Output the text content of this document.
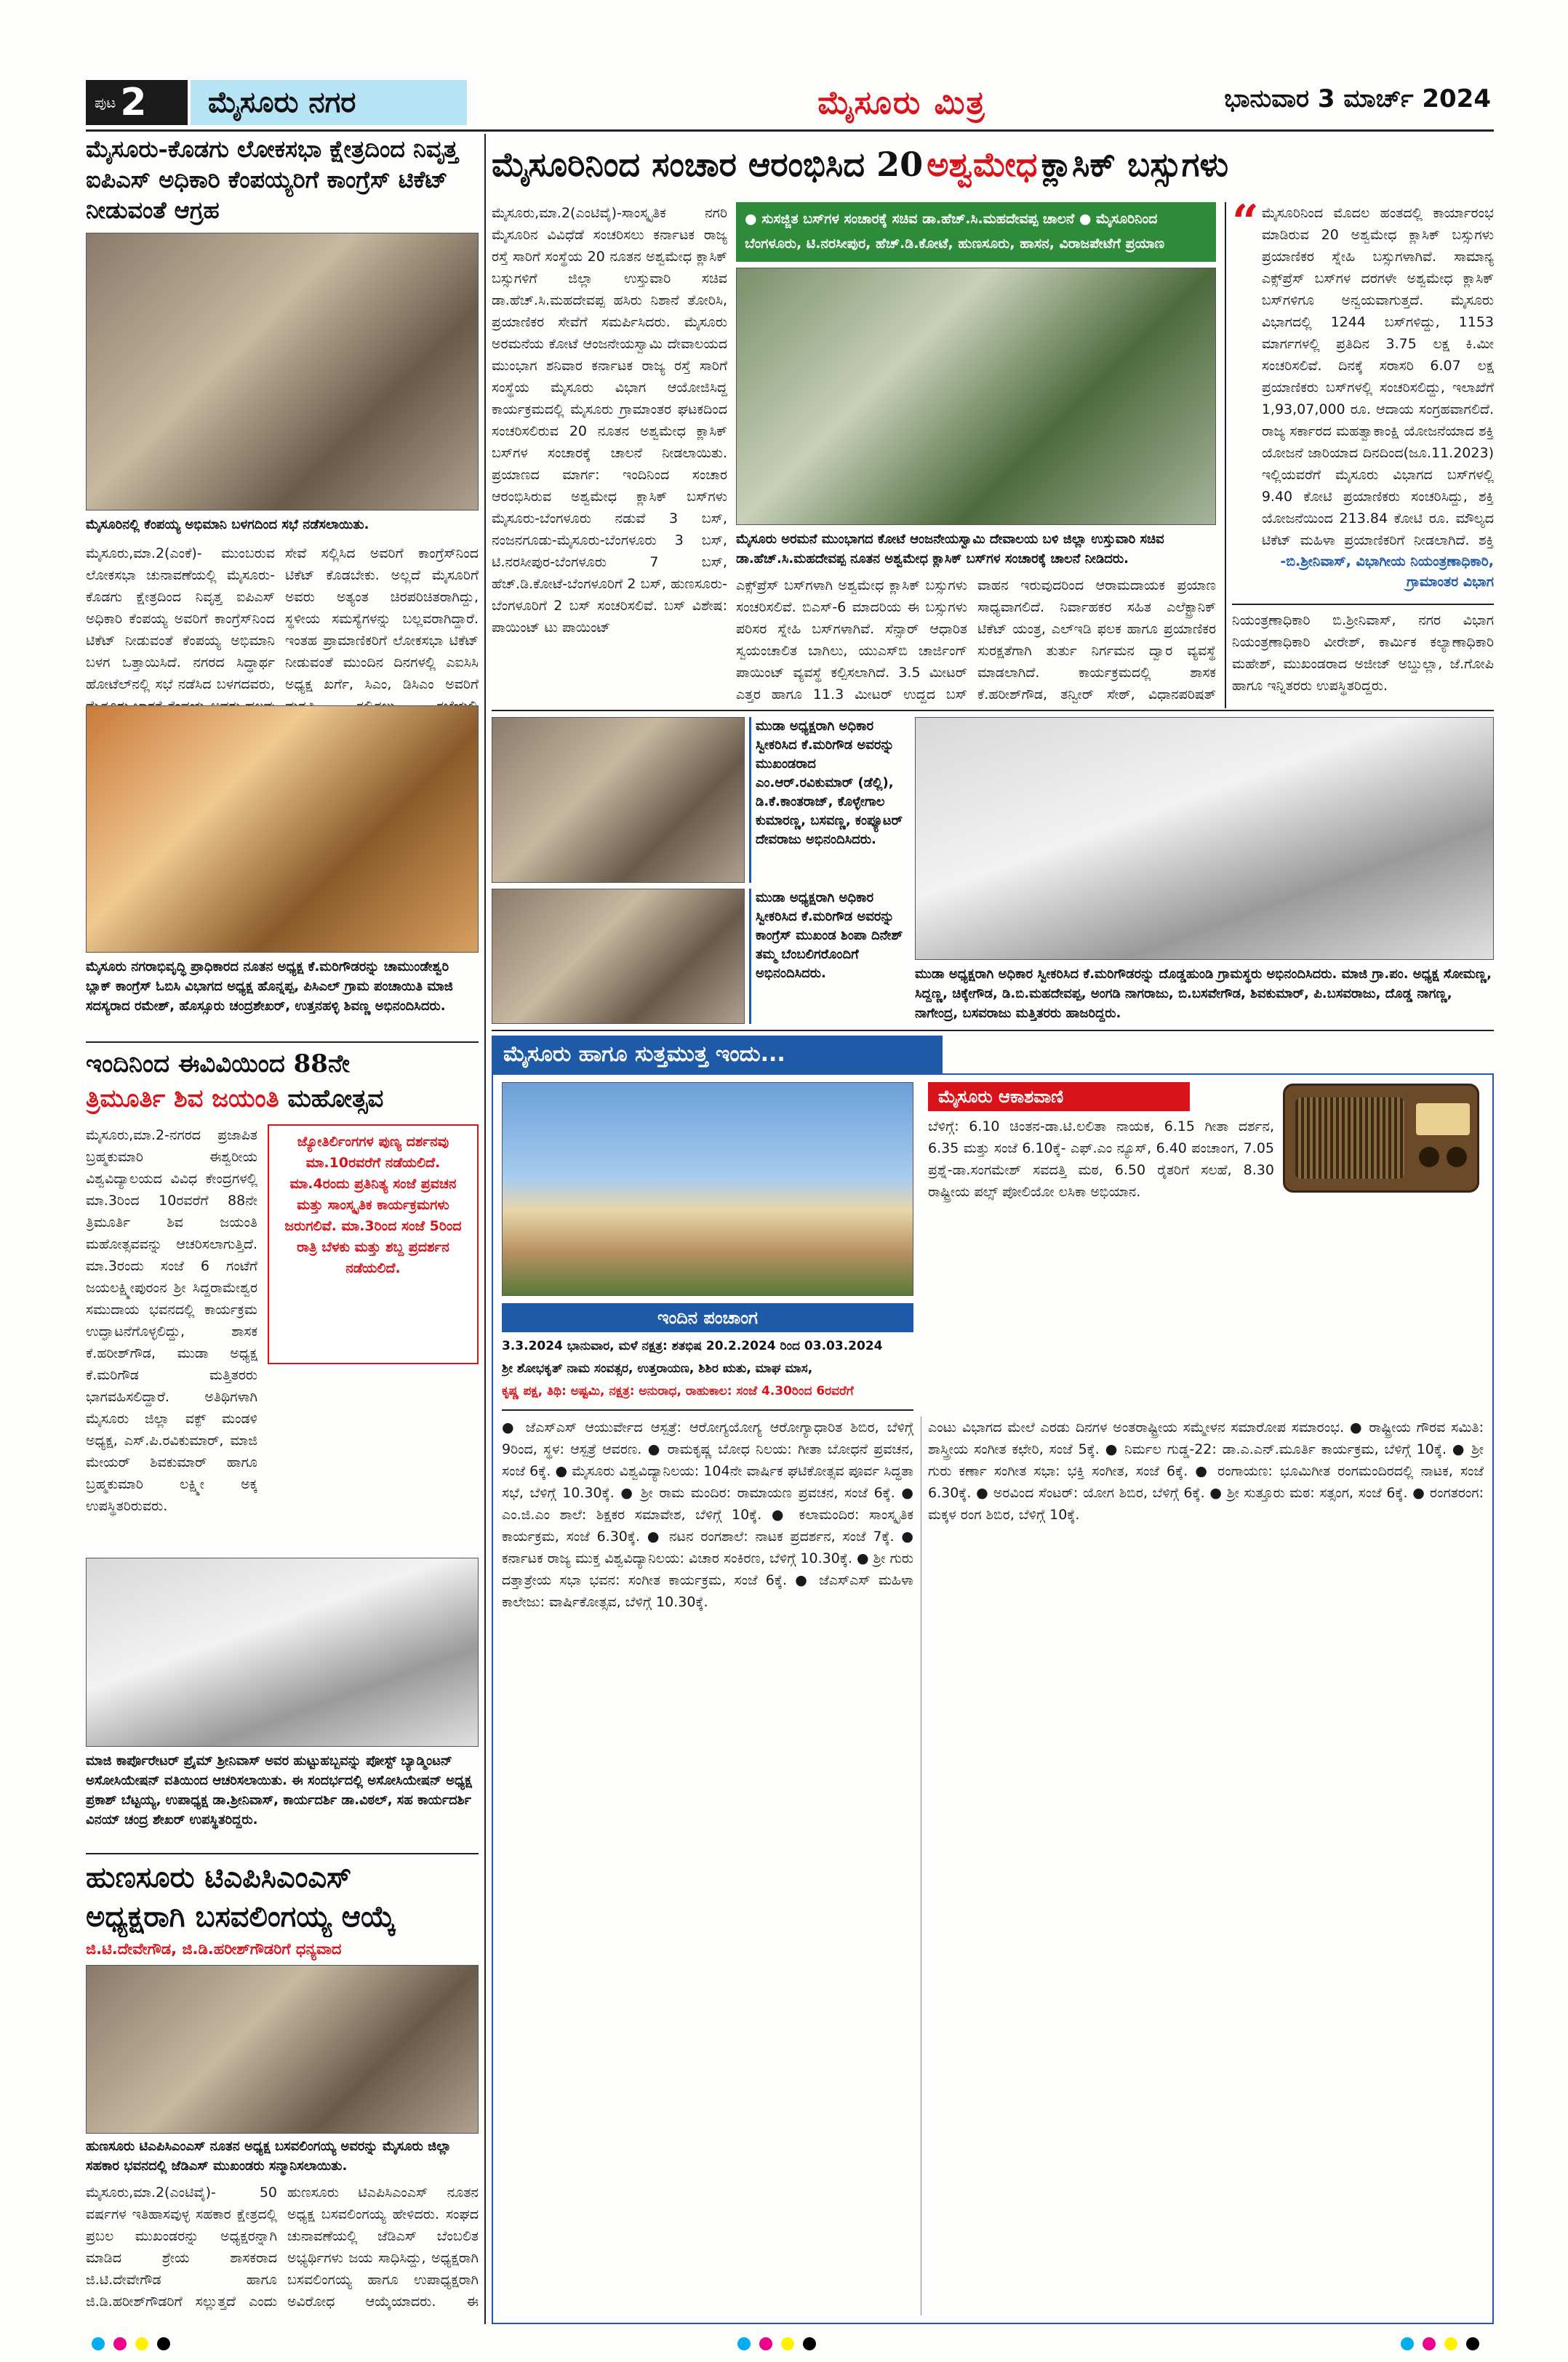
ಪುಟ 2 ಮೈಸೂರು ನಗರ	ಮೈಸೂರು ಮಿತ್ರ	ಭಾನುವಾರ 3 ಮಾರ್ಚ್ 2024
ಮೈಸೂರು-ಕೊಡಗು ಲೋಕಸಭಾ ಕ್ಷೇತ್ರದಿಂದ ನಿವೃತ್ತ ಐಪಿಎಸ್ ಅಧಿಕಾರಿ ಕೆಂಪಯ್ಯರಿಗೆ ಕಾಂಗ್ರೆಸ್ ಟಿಕೆಟ್ ನೀಡುವಂತೆ ಆಗ್ರಹ
ಮೈಸೂರಿನಲ್ಲಿ ಕೆಂಪಯ್ಯ ಅಭಿಮಾನಿ ಬಳಗದಿಂದ ಸಭೆ ನಡೆಸಲಾಯಿತು.
ಮೈಸೂರು,ಮಾ.2(ಎಂಕೆ)- ಮುಂಬರುವ ಲೋಕಸಭಾ ಚುನಾವಣೆಯಲ್ಲಿ ಮೈಸೂರು-ಕೊಡಗು ಕ್ಷೇತ್ರದಿಂದ ನಿವೃತ್ತ ಐಪಿಎಸ್ ಅಧಿಕಾರಿ ಕೆಂಪಯ್ಯ ಅವರಿಗೆ ಕಾಂಗ್ರೆಸ್‌ನಿಂದ ಟಿಕೆಟ್ ನೀಡುವಂತೆ ಕೆಂಪಯ್ಯ ಅಭಿಮಾನಿ ಬಳಗ ಒತ್ತಾಯಿಸಿದೆ. ನಗರದ ಸಿದ್ಧಾರ್ಥ ಹೋಟೆಲ್‌ನಲ್ಲಿ ಸಭೆ ನಡೆಸಿದ ಬಳಗದವರು,
ಸೇವೆ ಸಲ್ಲಿಸಿದ ಅವರಿಗೆ ಕಾಂಗ್ರೆಸ್‌ನಿಂದ ಟಿಕೆಟ್ ಕೊಡಬೇಕು. ಅಲ್ಲದೆ ಮೈಸೂರಿಗೆ ಅವರು ಅತ್ಯಂತ ಚಿರಪರಿಚಿತರಾಗಿದ್ದು, ಸ್ಥಳೀಯ ಸಮಸ್ಯೆಗಳನ್ನು ಬಲ್ಲವರಾಗಿದ್ದಾರೆ. ಇಂತಹ ಪ್ರಾಮಾಣಿಕರಿಗೆ ಲೋಕಸಭಾ ಟಿಕೆಟ್ ನೀಡುವಂತೆ ಮುಂದಿನ ದಿನಗಳಲ್ಲಿ ಎಐಸಿಸಿ ಅಧ್ಯಕ್ಷ ಖರ್ಗೆ, ಸಿಎಂ, ಡಿಸಿಎಂ ಅವರಿಗೆ
ಮೈಸೂರು ನಗರಾಭಿವೃದ್ಧಿ ಪ್ರಾಧಿಕಾರದ ನೂತನ ಅಧ್ಯಕ್ಷ ಕೆ.ಮರಿಗೌಡರನ್ನು ಚಾಮುಂಡೇಶ್ವರಿ ಬ್ಲಾಕ್ ಕಾಂಗ್ರೆಸ್ ಓಬಿಸಿ ವಿಭಾಗದ ಅಧ್ಯಕ್ಷ ಹೊನ್ನಪ್ಪ, ಪಿಸಿಎಲ್ ಗ್ರಾಮ ಪಂಚಾಯಿತಿ ಮಾಜಿ ಸದಸ್ಯರಾದ ರಮೇಶ್, ಹೊಸ್ಸೂರು ಚಂದ್ರಶೇಖರ್, ಉತ್ತನಹಳ್ಳಿ ಶಿವಣ್ಣ ಅಭಿನಂದಿಸಿದರು.
ಇಂದಿನಿಂದ ಈವಿವಿಯಿಂದ 88ನೇ
ತ್ರಿಮೂರ್ತಿ ಶಿವ ಜಯಂತಿ ಮಹೋತ್ಸವ
ಜ್ಯೋತಿರ್ಲಿಂಗಗಳ ಪುಣ್ಯ ದರ್ಶನವು ಮಾ.10ರವರೆಗೆ ನಡೆಯಲಿದೆ. ಮಾ.4ರಂದು ಪ್ರತಿನಿತ್ಯ ಸಂಜೆ ಪ್ರವಚನ ಮತ್ತು ಸಾಂಸ್ಕೃತಿಕ ಕಾರ್ಯಕ್ರಮಗಳು ಜರುಗಲಿವೆ. ಮಾ.3ರಿಂದ ಸಂಜೆ 5ರಿಂದ ರಾತ್ರಿ ಬೆಳಕು ಮತ್ತು ಶಬ್ದ ಪ್ರದರ್ಶನ ನಡೆಯಲಿದೆ.
ಮೈಸೂರು,ಮಾ.2-ನಗರದ ಪ್ರಜಾಪಿತ ಬ್ರಹ್ಮಕುಮಾರಿ ಈಶ್ವರೀಯ ವಿಶ್ವವಿದ್ಯಾಲಯದ ವಿವಿಧ ಕೇಂದ್ರಗಳಲ್ಲಿ ಮಾ.3ರಿಂದ 10ರವರೆಗೆ 88ನೇ ತ್ರಿಮೂರ್ತಿ ಶಿವ ಜಯಂತಿ ಮಹೋತ್ಸವವನ್ನು ಆಚರಿಸಲಾಗುತ್ತಿದೆ. ಮಾ.3ರಂದು ಸಂಜೆ 6 ಗಂಟೆಗೆ ಜಯಲಕ್ಷ್ಮೀಪುರಂನ ಶ್ರೀ ಸಿದ್ದರಾಮೇಶ್ವರ ಸಮುದಾಯ ಭವನದಲ್ಲಿ ಕಾರ್ಯಕ್ರಮ ಉದ್ಘಾಟನೆಗೊಳ್ಳಲಿದ್ದು, ಶಾಸಕ ಕೆ.ಹರೀಶ್‌ಗೌಡ, ಮುಡಾ ಅಧ್ಯಕ್ಷ ಕೆ.ಮರಿಗೌಡ ಮತ್ತಿತರರು ಭಾಗವಹಿಸಲಿದ್ದಾರೆ. ಅತಿಥಿಗಳಾಗಿ ಮೈಸೂರು ಜಿಲ್ಲಾ ವಕ್ಫ್ ಮಂಡಳಿ ಅಧ್ಯಕ್ಷ, ಎಸ್.ಪಿ.ರವಿಕುಮಾರ್, ಮಾಜಿ ಮೇಯರ್ ಶಿವಕುಮಾರ್ ಹಾಗೂ ಬ್ರಹ್ಮಕುಮಾರಿ ಲಕ್ಷ್ಮೀ ಅಕ್ಕ ಉಪಸ್ಥಿತರಿರುವರು.
ಮಾಜಿ ಕಾರ್ಪೊರೇಟರ್ ಪ್ರೈಮ್ ಶ್ರೀನಿವಾಸ್ ಅವರ ಹುಟ್ಟುಹಬ್ಬವನ್ನು ಪೋಸ್ಟ್ ಬ್ಯಾಡ್ಮಿಂಟನ್ ಅಸೋಸಿಯೇಷನ್ ವತಿಯಿಂದ ಆಚರಿಸಲಾಯಿತು. ಈ ಸಂದರ್ಭದಲ್ಲಿ ಅಸೋಸಿಯೇಷನ್ ಅಧ್ಯಕ್ಷ ಪ್ರಕಾಶ್ ಬೆಟ್ಟಯ್ಯ, ಉಪಾಧ್ಯಕ್ಷ ಡಾ.ಶ್ರೀನಿವಾಸ್, ಕಾರ್ಯದರ್ಶಿ ಡಾ.ವಿಠಲ್, ಸಹ ಕಾರ್ಯದರ್ಶಿ ವಿನಯ್ ಚಂದ್ರ ಶೇಖರ್ ಉಪಸ್ಥಿತರಿದ್ದರು.
ಹುಣಸೂರು ಟಿಎಪಿಸಿಎಂಎಸ್
ಅಧ್ಯಕ್ಷರಾಗಿ ಬಸವಲಿಂಗಯ್ಯ ಆಯ್ಕೆ
ಜಿ.ಟಿ.ದೇವೇಗೌಡ, ಜಿ.ಡಿ.ಹರೀಶ್‌ಗೌಡರಿಗೆ ಧನ್ಯವಾದ
ಹುಣಸೂರು ಟಿಎಪಿಸಿಎಂಎಸ್ ನೂತನ ಅಧ್ಯಕ್ಷ ಬಸವಲಿಂಗಯ್ಯ ಅವರನ್ನು ಮೈಸೂರು ಜಿಲ್ಲಾ ಸಹಕಾರ ಭವನದಲ್ಲಿ ಜೆಡಿಎಸ್ ಮುಖಂಡರು ಸನ್ಮಾನಿಸಲಾಯಿತು.
ಮೈಸೂರು,ಮಾ.2(ಎಂಟಿವೈ)- 50 ವರ್ಷಗಳ ಇತಿಹಾಸವುಳ್ಳ ಸಹಕಾರ ಕ್ಷೇತ್ರದಲ್ಲಿ ಪ್ರಬಲ ಮುಖಂಡರನ್ನು ಅಧ್ಯಕ್ಷರನ್ನಾಗಿ ಮಾಡಿದ ಶ್ರೇಯ ಶಾಸಕರಾದ ಜಿ.ಟಿ.ದೇವೇಗೌಡ ಹಾಗೂ ಜಿ.ಡಿ.ಹರೀಶ್‌ಗೌಡರಿಗೆ ಸಲ್ಲುತ್ತದೆ ಎಂದು ಹುಣಸೂರು ಟಿಎಪಿಸಿಎಂಎಸ್ ನೂತನ ಅಧ್ಯಕ್ಷ ಬಸವಲಿಂಗಯ್ಯ ಹೇಳಿದರು. ಸಂಘದ ಚುನಾವಣೆಯಲ್ಲಿ ಜೆಡಿಎಸ್ ಬೆಂಬಲಿತ ಅಭ್ಯರ್ಥಿಗಳು ಜಯ ಸಾಧಿಸಿದ್ದು, ಅಧ್ಯಕ್ಷರಾಗಿ ಬಸವಲಿಂಗಯ್ಯ ಹಾಗೂ ಉಪಾಧ್ಯಕ್ಷರಾಗಿ ಅವಿರೋಧ ಆಯ್ಕೆಯಾದರು. ಈ
ಮೈಸೂರಿನಿಂದ ಸಂಚಾರ ಆರಂಭಿಸಿದ 20 ಅಶ್ವಮೇಧ ಕ್ಲಾಸಿಕ್ ಬಸ್ಸುಗಳು
ಮೈಸೂರು,ಮಾ.2(ಎಂಟಿವೈ)-ಸಾಂಸ್ಕೃತಿಕ ನಗರಿ ಮೈಸೂರಿನ ವಿವಿಧೆಡೆ ಸಂಚರಿಸಲು ಕರ್ನಾಟಕ ರಾಜ್ಯ ರಸ್ತೆ ಸಾರಿಗೆ ಸಂಸ್ಥೆಯ 20 ನೂತನ ಅಶ್ವಮೇಧ ಕ್ಲಾಸಿಕ್ ಬಸ್ಸುಗಳಿಗೆ ಜಿಲ್ಲಾ ಉಸ್ತುವಾರಿ ಸಚಿವ ಡಾ.ಹೆಚ್.ಸಿ.ಮಹದೇವಪ್ಪ ಹಸಿರು ನಿಶಾನೆ ತೋರಿಸಿ, ಪ್ರಯಾಣಿಕರ ಸೇವೆಗೆ ಸಮರ್ಪಿಸಿದರು. ಮೈಸೂರು ಅರಮನೆಯ ಕೋಟೆ ಆಂಜನೇಯಸ್ವಾಮಿ ದೇವಾಲಯದ ಮುಂಭಾಗ ಶನಿವಾರ ಕರ್ನಾಟಕ ರಾಜ್ಯ ರಸ್ತೆ ಸಾರಿಗೆ ಸಂಸ್ಥೆಯ ಮೈಸೂರು ವಿಭಾಗ ಆಯೋಜಿಸಿದ್ದ ಕಾರ್ಯಕ್ರಮದಲ್ಲಿ ಮೈಸೂರು ಗ್ರಾಮಾಂತರ ಘಟಕದಿಂದ ಸಂಚರಿಸಲಿರುವ 20 ನೂತನ ಅಶ್ವಮೇಧ ಕ್ಲಾಸಿಕ್ ಬಸ್‌ಗಳ ಸಂಚಾರಕ್ಕೆ ಚಾಲನೆ ನೀಡಲಾಯಿತು. ಪ್ರಯಾಣದ ಮಾರ್ಗ: ಇಂದಿನಿಂದ ಸಂಚಾರ ಆರಂಭಿಸಿರುವ ಅಶ್ವಮೇಧ ಕ್ಲಾಸಿಕ್ ಬಸ್‌ಗಳು ಮೈಸೂರು-ಬೆಂಗಳೂರು ನಡುವೆ 3 ಬಸ್, ನಂಜನಗೂಡು-ಮೈಸೂರು-ಬೆಂಗಳೂರು 3 ಬಸ್, ಟಿ.ನರಸೀಪುರ-ಬೆಂಗಳೂರು 7 ಬಸ್, ಹೆಚ್.ಡಿ.ಕೋಟೆ-ಬೆಂಗಳೂರಿಗೆ 2 ಬಸ್, ಹುಣಸೂರು-ಬೆಂಗಳೂರಿಗೆ 2 ಬಸ್ ಸಂಚರಿಸಲಿವೆ. ಬಸ್ ವಿಶೇಷ: ಪಾಯಿಂಟ್ ಟು ಪಾಯಿಂಟ್
● ಸುಸಜ್ಜಿತ ಬಸ್‌ಗಳ ಸಂಚಾರಕ್ಕೆ ಸಚಿವ ಡಾ.ಹೆಚ್.ಸಿ.ಮಹದೇವಪ್ಪ ಚಾಲನೆ ● ಮೈಸೂರಿನಿಂದ ಬೆಂಗಳೂರು, ಟಿ.ನರಸೀಪುರ, ಹೆಚ್.ಡಿ.ಕೋಟೆ, ಹುಣಸೂರು, ಹಾಸನ, ವಿರಾಜಪೇಟೆಗೆ ಪ್ರಯಾಣ
ಮೈಸೂರು ಅರಮನೆ ಮುಂಭಾಗದ ಕೋಟೆ ಆಂಜನೇಯಸ್ವಾಮಿ ದೇವಾಲಯ ಬಳಿ ಜಿಲ್ಲಾ ಉಸ್ತುವಾರಿ ಸಚಿವ ಡಾ.ಹೆಚ್.ಸಿ.ಮಹದೇವಪ್ಪ ನೂತನ ಅಶ್ವಮೇಧ ಕ್ಲಾಸಿಕ್ ಬಸ್‌ಗಳ ಸಂಚಾರಕ್ಕೆ ಚಾಲನೆ ನೀಡಿದರು.
ಎಕ್ಸ್‌ಪ್ರೆಸ್ ಬಸ್‌ಗಳಾಗಿ ಅಶ್ವಮೇಧ ಕ್ಲಾಸಿಕ್ ಬಸ್ಸುಗಳು ಸಂಚರಿಸಲಿವೆ. ಬಿಎಸ್-6 ಮಾದರಿಯ ಈ ಬಸ್ಸುಗಳು ಪರಿಸರ ಸ್ನೇಹಿ ಬಸ್‌ಗಳಾಗಿವೆ. ಸೆನ್ಸಾರ್ ಆಧಾರಿತ ಸ್ವಯಂಚಾಲಿತ ಬಾಗಿಲು, ಯುಎಸ್‌ಬಿ ಚಾರ್ಜಿಂಗ್ ಪಾಯಿಂಟ್ ವ್ಯವಸ್ಥೆ ಕಲ್ಪಿಸಲಾಗಿದೆ. 3.5 ಮೀಟರ್ ಎತ್ತರ ಹಾಗೂ 11.3 ಮೀಟರ್ ಉದ್ದದ ಬಸ್
ವಾಹನ ಇರುವುದರಿಂದ ಆರಾಮದಾಯಕ ಪ್ರಯಾಣ ಸಾಧ್ಯವಾಗಲಿದೆ. ನಿರ್ವಾಹಕರ ಸಹಿತ ಎಲೆಕ್ಟ್ರಾನಿಕ್ ಟಿಕೆಟ್ ಯಂತ್ರ, ಎಲ್‌ಇಡಿ ಫಲಕ ಹಾಗೂ ಪ್ರಯಾಣಿಕರ ಸುರಕ್ಷತೆಗಾಗಿ ತುರ್ತು ನಿರ್ಗಮನ ದ್ವಾರ ವ್ಯವಸ್ಥೆ ಮಾಡಲಾಗಿದೆ. ಕಾರ್ಯಕ್ರಮದಲ್ಲಿ ಶಾಸಕ ಕೆ.ಹರೀಶ್‌ಗೌಡ, ತನ್ವೀರ್ ಸೇಠ್, ವಿಧಾನಪರಿಷತ್
“ ಮೈಸೂರಿನಿಂದ ಮೊದಲ ಹಂತದಲ್ಲಿ ಕಾರ್ಯಾರಂಭ ಮಾಡಿರುವ 20 ಅಶ್ವಮೇಧ ಕ್ಲಾಸಿಕ್ ಬಸ್ಸುಗಳು ಪ್ರಯಾಣಿಕರ ಸ್ನೇಹಿ ಬಸ್ಸುಗಳಾಗಿವೆ. ಸಾಮಾನ್ಯ ಎಕ್ಸ್‌ಪ್ರೆಸ್ ಬಸ್‌ಗಳ ದರಗಳೇ ಅಶ್ವಮೇಧ ಕ್ಲಾಸಿಕ್ ಬಸ್‌ಗಳಿಗೂ ಅನ್ವಯವಾಗುತ್ತದೆ. ಮೈಸೂರು ವಿಭಾಗದಲ್ಲಿ 1244 ಬಸ್‌ಗಳಿದ್ದು, 1153 ಮಾರ್ಗಗಳಲ್ಲಿ ಪ್ರತಿದಿನ 3.75 ಲಕ್ಷ ಕಿ.ಮೀ ಸಂಚರಿಸಲಿವೆ. ದಿನಕ್ಕೆ ಸರಾಸರಿ 6.07 ಲಕ್ಷ ಪ್ರಯಾಣಿಕರು ಬಸ್‌ಗಳಲ್ಲಿ ಸಂಚರಿಸಲಿದ್ದು, ಇಲಾಖೆಗೆ 1,93,07,000 ರೂ. ಆದಾಯ ಸಂಗ್ರಹವಾಗಲಿದೆ. ರಾಜ್ಯ ಸರ್ಕಾರದ ಮಹತ್ವಾಕಾಂಕ್ಷಿ ಯೋಜನೆಯಾದ ಶಕ್ತಿ ಯೋಜನೆ ಜಾರಿಯಾದ ದಿನದಿಂದ(ಜೂ.11.2023) ಇಲ್ಲಿಯವರೆಗೆ ಮೈಸೂರು ವಿಭಾಗದ ಬಸ್‌ಗಳಲ್ಲಿ 9.40 ಕೋಟಿ ಪ್ರಯಾಣಿಕರು ಸಂಚರಿಸಿದ್ದು, ಶಕ್ತಿ ಯೋಜನೆಯಿಂದ 213.84 ಕೋಟಿ ರೂ. ಮೌಲ್ಯದ ಟಿಕೆಟ್ ಮಹಿಳಾ ಪ್ರಯಾಣಿಕರಿಗೆ ನೀಡಲಾಗಿದೆ. ಶಕ್ತಿ
-ಬಿ.ಶ್ರೀನಿವಾಸ್, ವಿಭಾಗೀಯ ನಿಯಂತ್ರಣಾಧಿಕಾರಿ, ಗ್ರಾಮಾಂತರ ವಿಭಾಗ
ನಿಯಂತ್ರಣಾಧಿಕಾರಿ ಬಿ.ಶ್ರೀನಿವಾಸ್, ನಗರ ವಿಭಾಗ ನಿಯಂತ್ರಣಾಧಿಕಾರಿ ವೀರೇಶ್, ಕಾರ್ಮಿಕ ಕಲ್ಯಾಣಾಧಿಕಾರಿ ಮಹೇಶ್, ಮುಖಂಡರಾದ ಅಜೀಜ್ ಅಬ್ದುಲ್ಲಾ, ಜೆ.ಗೋಪಿ ಹಾಗೂ ಇನ್ನಿತರರು ಉಪಸ್ಥಿತರಿದ್ದರು.
ಮುಡಾ ಅಧ್ಯಕ್ಷರಾಗಿ ಅಧಿಕಾರ ಸ್ವೀಕರಿಸಿದ ಕೆ.ಮರಿಗೌಡ ಅವರನ್ನು ಮುಖಂಡರಾದ ಎಂ.ಆರ್.ರವಿಕುಮಾರ್ (ಡೆಲ್ಲಿ), ಡಿ.ಕೆ.ಕಾಂತರಾಜ್, ಕೊಳ್ಳೇಗಾಲ ಕುಮಾರಣ್ಣ, ಬಸವಣ್ಣ, ಕಂಪ್ಯೂಟರ್ ದೇವರಾಜು ಅಭಿನಂದಿಸಿದರು.
ಮುಡಾ ಅಧ್ಯಕ್ಷರಾಗಿ ಅಧಿಕಾರ ಸ್ವೀಕರಿಸಿದ ಕೆ.ಮರಿಗೌಡ ಅವರನ್ನು ಕಾಂಗ್ರೆಸ್ ಮುಖಂಡ ಶಿಂಪಾ ದಿನೇಶ್ ತಮ್ಮ ಬೆಂಬಲಿಗರೊಂದಿಗೆ ಅಭಿನಂದಿಸಿದರು.	ಮುಡಾ ಅಧ್ಯಕ್ಷರಾಗಿ ಅಧಿಕಾರ ಸ್ವೀಕರಿಸಿದ ಕೆ.ಮರಿಗೌಡರನ್ನು ದೊಡ್ಡಹುಂಡಿ ಗ್ರಾಮಸ್ಥರು ಅಭಿನಂದಿಸಿದರು. ಮಾಜಿ ಗ್ರಾ.ಪಂ. ಅಧ್ಯಕ್ಷ ಸೋಮಣ್ಣ, ಸಿದ್ದಣ್ಣ, ಚಿಕ್ಕೇಗೌಡ, ಡಿ.ಬಿ.ಮಹದೇವಪ್ಪ, ಅಂಗಡಿ ನಾಗರಾಜು, ಬಿ.ಬಸವೇಗೌಡ, ಶಿವಕುಮಾರ್, ಪಿ.ಬಸವರಾಜು, ದೊಡ್ಡ ನಾಗಣ್ಣ, ನಾಗೇಂದ್ರ, ಬಸವರಾಜು ಮತ್ತಿತರರು ಹಾಜರಿದ್ದರು.
ಮೈಸೂರು ಹಾಗೂ ಸುತ್ತಮುತ್ತ ಇಂದು...
ಇಂದಿನ ಪಂಚಾಂಗ
3.3.2024 ಭಾನುವಾರ, ಮಳೆ ನಕ್ಷತ್ರ: ಶತಭಿಷ 20.2.2024 ರಿಂದ 03.03.2024
ಶ್ರೀ ಶೋಭಕೃತ್ ನಾಮ ಸಂವತ್ಸರ, ಉತ್ತರಾಯಣ, ಶಿಶಿರ ಋತು, ಮಾಘ ಮಾಸ,
ಕೃಷ್ಣ ಪಕ್ಷ, ತಿಥಿ: ಅಷ್ಟಮಿ, ನಕ್ಷತ್ರ: ಅನುರಾಧ, ರಾಹುಕಾಲ: ಸಂಜೆ 4.30ರಿಂದ 6ರವರೆಗೆ
ಮೈಸೂರು ಆಕಾಶವಾಣಿ
ಬೆಳಿಗ್ಗೆ: 6.10 ಚಿಂತನ-ಡಾ.ಟಿ.ಲಲಿತಾ ನಾಯಕ, 6.15 ಗೀತಾ ದರ್ಶನ, 6.35 ಮತ್ತು ಸಂಜೆ 6.10ಕ್ಕೆ- ಎಫ್.ಎಂ ನ್ಯೂಸ್, 6.40 ಪಂಚಾಂಗ, 7.05 ಪ್ರಶ್ನೆ-ಡಾ.ಸಂಗಮೇಶ್ ಸವದತ್ತಿ ಮಠ, 6.50 ರೈತರಿಗೆ ಸಲಹೆ, 8.30 ರಾಷ್ಟ್ರೀಯ ಪಲ್ಸ್ ಪೋಲಿಯೋ ಲಸಿಕಾ ಅಭಿಯಾನ.
● ಜೆಎಸ್‌ಎಸ್ ಆಯುರ್ವೇದ ಆಸ್ಪತ್ರೆ: ಆರೋಗ್ಯಯೋಗ್ಯ ಆರೋಗ್ಯಾಧಾರಿತ ಶಿಬಿರ, ಬೆಳಿಗ್ಗೆ 9ರಿಂದ, ಸ್ಥಳ: ಆಸ್ಪತ್ರೆ ಆವರಣ. ● ರಾಮಕೃಷ್ಣ ಬೋಧ ನಿಲಯ: ಗೀತಾ ಬೋಧನೆ ಪ್ರವಚನ, ಸಂಜೆ 6ಕ್ಕೆ. ● ಮೈಸೂರು ವಿಶ್ವವಿದ್ಯಾನಿಲಯ: 104ನೇ ವಾರ್ಷಿಕ ಘಟಿಕೋತ್ಸವ ಪೂರ್ವ ಸಿದ್ಧತಾ ಸಭೆ, ಬೆಳಿಗ್ಗೆ 10.30ಕ್ಕೆ. ● ಶ್ರೀ ರಾಮ ಮಂದಿರ: ರಾಮಾಯಣ ಪ್ರವಚನ, ಸಂಜೆ 6ಕ್ಕೆ. ● ಎಂ.ಜಿ.ಎಂ ಶಾಲೆ: ಶಿಕ್ಷಕರ ಸಮಾವೇಶ, ಬೆಳಿಗ್ಗೆ 10ಕ್ಕೆ. ● ಕಲಾಮಂದಿರ: ಸಾಂಸ್ಕೃತಿಕ ಕಾರ್ಯಕ್ರಮ, ಸಂಜೆ 6.30ಕ್ಕೆ. ● ನಟನ ರಂಗಶಾಲೆ: ನಾಟಕ ಪ್ರದರ್ಶನ, ಸಂಜೆ 7ಕ್ಕೆ. ● ಕರ್ನಾಟಕ ರಾಜ್ಯ ಮುಕ್ತ ವಿಶ್ವವಿದ್ಯಾನಿಲಯ: ವಿಚಾರ ಸಂಕಿರಣ, ಬೆಳಿಗ್ಗೆ 10.30ಕ್ಕೆ. ● ಶ್ರೀ ಗುರು ದತ್ತಾತ್ರೇಯ ಸಭಾ ಭವನ: ಸಂಗೀತ ಕಾರ್ಯಕ್ರಮ, ಸಂಜೆ 6ಕ್ಕೆ. ● ಜೆಎಸ್‌ಎಸ್ ಮಹಿಳಾ ಕಾಲೇಜು: ವಾರ್ಷಿಕೋತ್ಸವ, ಬೆಳಿಗ್ಗೆ 10.30ಕ್ಕೆ.
ಎಂಟು ವಿಭಾಗದ ಮೇಲೆ ಎರಡು ದಿನಗಳ ಅಂತರಾಷ್ಟ್ರೀಯ ಸಮ್ಮೇಳನ ಸಮಾರೋಪ ಸಮಾರಂಭ. ● ರಾಷ್ಟ್ರೀಯ ಗೌರವ ಸಮಿತಿ: ಶಾಸ್ತ್ರೀಯ ಸಂಗೀತ ಕಛೇರಿ, ಸಂಜೆ 5ಕ್ಕೆ. ● ನಿರ್ಮಲ ಗುಡ್ಡ-22: ಡಾ.ಎ.ಎನ್.ಮೂರ್ತಿ ಕಾರ್ಯಕ್ರಮ, ಬೆಳಿಗ್ಗೆ 10ಕ್ಕೆ. ● ಶ್ರೀ ಗುರು ಕರ್ಣಾ ಸಂಗೀತ ಸಭಾ: ಭಕ್ತಿ ಸಂಗೀತ, ಸಂಜೆ 6ಕ್ಕೆ. ● ರಂಗಾಯಣ: ಭೂಮಿಗೀತ ರಂಗಮಂದಿರದಲ್ಲಿ ನಾಟಕ, ಸಂಜೆ 6.30ಕ್ಕೆ. ● ಅರವಿಂದ ಸೆಂಟರ್: ಯೋಗ ಶಿಬಿರ, ಬೆಳಿಗ್ಗೆ 6ಕ್ಕೆ. ● ಶ್ರೀ ಸುತ್ತೂರು ಮಠ: ಸತ್ಸಂಗ, ಸಂಜೆ 6ಕ್ಕೆ. ● ರಂಗತರಂಗ: ಮಕ್ಕಳ ರಂಗ ಶಿಬಿರ, ಬೆಳಿಗ್ಗೆ 10ಕ್ಕೆ.
